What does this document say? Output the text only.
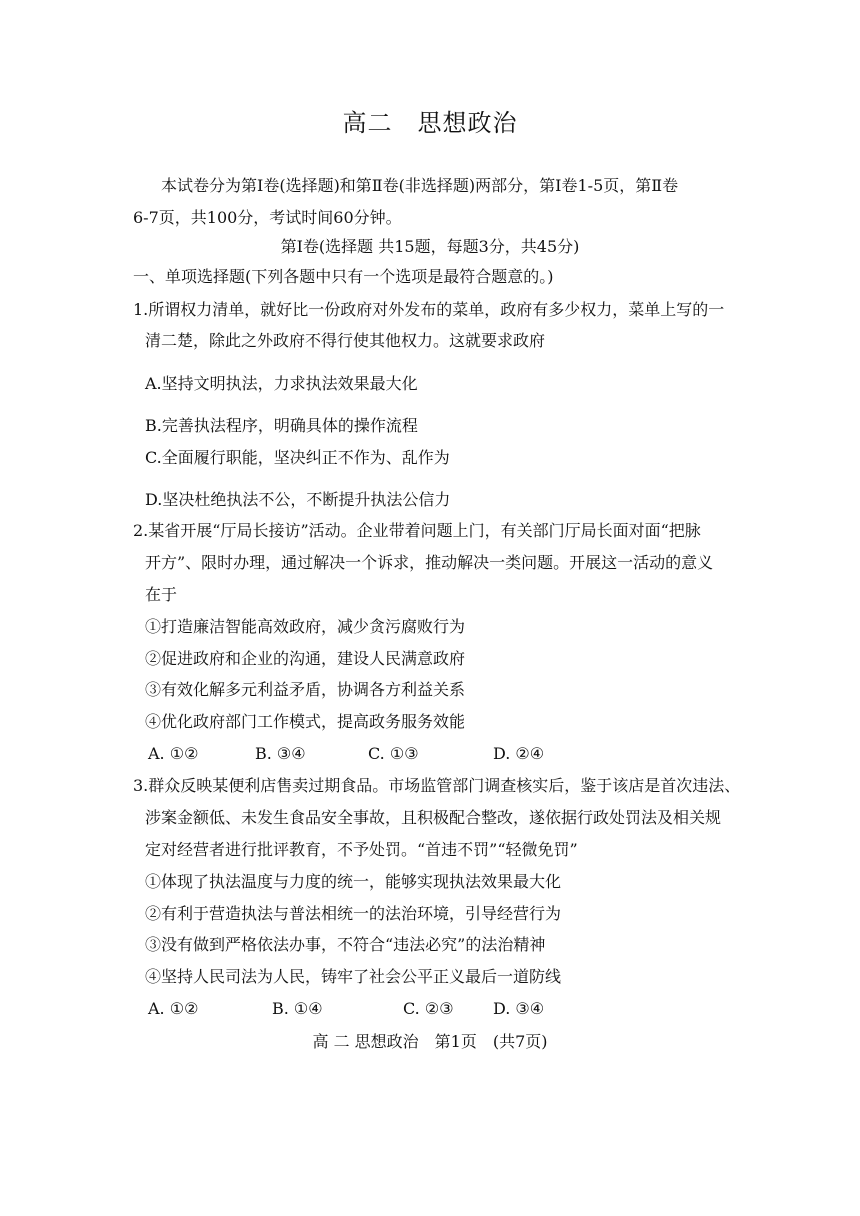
高二　思想政治
本试卷分为第Ⅰ卷(选择题)和第Ⅱ卷(非选择题)两部分，第Ⅰ卷1-5页，第Ⅱ卷
6-7页，共100分，考试时间60分钟。
第Ⅰ卷(选择题 共15题，每题3分，共45分)
一、单项选择题(下列各题中只有一个选项是最符合题意的。)
1.所谓权力清单，就好比一份政府对外发布的菜单，政府有多少权力，菜单上写的一
清二楚，除此之外政府不得行使其他权力。这就要求政府
A.坚持文明执法，力求执法效果最大化
B.完善执法程序，明确具体的操作流程
C.全面履行职能，坚决纠正不作为、乱作为
D.坚决杜绝执法不公，不断提升执法公信力
2.某省开展“厅局长接访”活动。企业带着问题上门，有关部门厅局长面对面“把脉
开方”、限时办理，通过解决一个诉求，推动解决一类问题。开展这一活动的意义
在于
①打造廉洁智能高效政府，减少贪污腐败行为
②促进政府和企业的沟通，建设人民满意政府
③有效化解多元利益矛盾，协调各方利益关系
④优化政府部门工作模式，提高政务服务效能
A. ①②	B. ③④	C. ①③	D. ②④
3.群众反映某便利店售卖过期食品。市场监管部门调查核实后，鉴于该店是首次违法、
涉案金额低、未发生食品安全事故，且积极配合整改，遂依据行政处罚法及相关规
定对经营者进行批评教育，不予处罚。“首违不罚”“轻微免罚”
①体现了执法温度与力度的统一，能够实现执法效果最大化
②有利于营造执法与普法相统一的法治环境，引导经营行为
③没有做到严格依法办事，不符合“违法必究”的法治精神
④坚持人民司法为人民，铸牢了社会公平正义最后一道防线
A. ①②	B. ①④	C. ②③ D. ③④
高 二 思想政治　第1页　(共7页)
